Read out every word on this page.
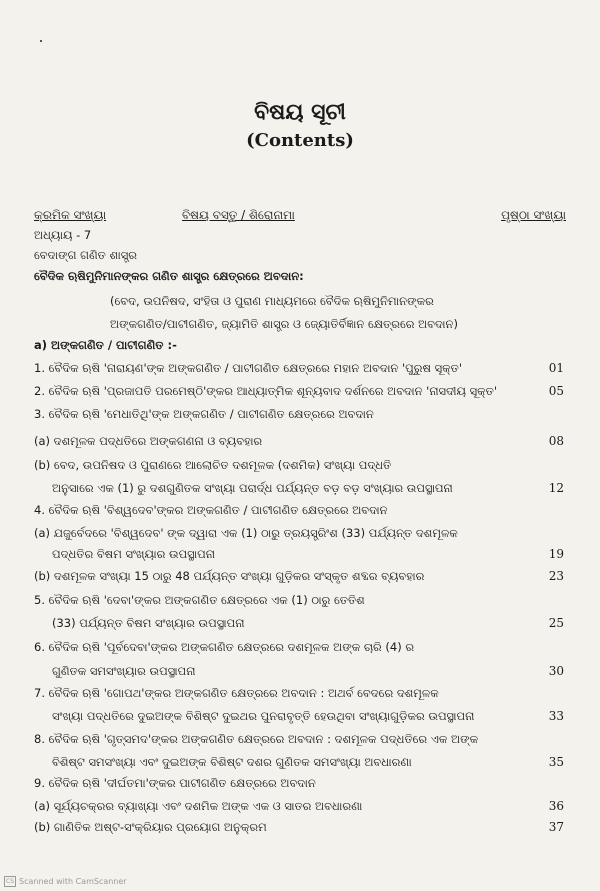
ବିଷୟ ସୂଚୀ
(Contents)
କ୍ରମିକ ସଂଖ୍ୟା	ବିଷୟ ବସ୍ତୁ / ଶିରୋନାମା	ପୃଷ୍ଠା ସଂଖ୍ୟା
ଅଧ୍ୟାୟ - 7
ବେଦାଙ୍ଗ ଗଣିତ ଶାସ୍ତ୍ର
ବୈଦିକ ଋଷିମୁନିମାନଙ୍କର ଗଣିତ ଶାସ୍ତ୍ର କ୍ଷେତ୍ରରେ ଅବଦାନ:
(ବେଦ, ଉପନିଷଦ, ସଂହିତା ଓ ପୁରାଣ ମାଧ୍ୟମରେ ବୈଦିକ ଋଷିମୁନିମାନଙ୍କର
ଅଙ୍କଗଣିତ/ପାଟୀଗଣିତ, ଜ୍ୟାମିତି ଶାସ୍ତ୍ର ଓ ଜ୍ୟୋତିର୍ବିଜ୍ଞାନ କ୍ଷେତ୍ରରେ ଅବଦାନ)
a) ଅଙ୍କଗଣିତ / ପାଟୀଗଣିତ :-
1. ବୈଦିକ ଋଷି 'ନାରାୟଣ'ଙ୍କ ଅଙ୍କଗଣିତ / ପାଟୀଗଣିତ କ୍ଷେତ୍ରରେ ମହାନ ଅବଦାନ 'ପୁରୁଷ ସୂକ୍ତ'	01
2. ବୈଦିକ ଋଷି 'ପ୍ରଜାପତି ପରମେଷ୍ଠି'ଙ୍କର ଆଧ୍ୟାତ୍ମିକ ଶୂନ୍ୟବାଦ ଦର୍ଶନରେ ଅବଦାନ 'ନାସଦୀୟ ସୂକ୍ତ'	05
3. ବୈଦିକ ଋଷି 'ମେଧାତିଥି'ଙ୍କ ଅଙ୍କଗଣିତ / ପାଟୀଗଣିତ କ୍ଷେତ୍ରରେ ଅବଦାନ
(a) ଦଶମୂଳକ ପଦ୍ଧତିରେ ଅଙ୍କଗଣନା ଓ ବ୍ୟବହାର	08
(b) ବେଦ, ଉପନିଷଦ ଓ ପୁରାଣରେ ଆଲୋଚିତ ଦଶମୂଳକ (ଦଶମିକ) ସଂଖ୍ୟା ପଦ୍ଧତି
ଅନୁସାରେ ଏକ (1) ରୁ ଦଶଗୁଣିତକ ସଂଖ୍ୟା ପରାର୍ଦ୍ଧ ପର୍ଯ୍ୟନ୍ତ ବଡ଼ ବଡ଼ ସଂଖ୍ୟାର ଉପସ୍ଥାପନା	12
4. ବୈଦିକ ଋଷି 'ବିଶ୍ୱଦେବ'ଙ୍କର ଅଙ୍କଗଣିତ / ପାଟୀଗଣିତ କ୍ଷେତ୍ରରେ ଅବଦାନ
(a) ଯଜୁର୍ବେଦରେ 'ବିଶ୍ୱଦେବ' ଙ୍କ ଦ୍ୱାରା ଏକ (1) ଠାରୁ ତ୍ରୟସ୍ତ୍ରିଂଶ (33) ପର୍ଯ୍ୟନ୍ତ ଦଶମୂଳକ
ପଦ୍ଧତିର ବିଷମ ସଂଖ୍ୟାର ଉପସ୍ଥାପନା	19
(b) ଦଶମୂଳକ ସଂଖ୍ୟା 15 ଠାରୁ 48 ପର୍ଯ୍ୟନ୍ତ ସଂଖ୍ୟା ଗୁଡ଼ିକର ସଂସ୍କୃତ ଶବ୍ଦର ବ୍ୟବହାର	23
5. ବୈଦିକ ଋଷି 'ଦେବା'ଙ୍କର ଅଙ୍କଗଣିତ କ୍ଷେତ୍ରରେ ଏକ (1) ଠାରୁ ତେତିଶ
(33) ପର୍ଯ୍ୟନ୍ତ ବିଷମ ସଂଖ୍ୟାର ଉପସ୍ଥାପନା	25
6. ବୈଦିକ ଋଷି 'ପୂର୍ବଦେବା'ଙ୍କର ଅଙ୍କଗଣିତ କ୍ଷେତ୍ରରେ ଦଶମୂଳକ ଅଙ୍କ ଚାରି (4) ର
ଗୁଣିତକ ସମସଂଖ୍ୟାର ଉପସ୍ଥାପନା	30
7. ବୈଦିକ ଋଷି 'ଗୋପଥ'ଙ୍କର ଅଙ୍କଗଣିତ କ୍ଷେତ୍ରରେ ଅବଦାନ : ଅଥର୍ବ ବେଦରେ ଦଶମୂଳକ
ସଂଖ୍ୟା ପଦ୍ଧତିରେ ଦୁଇଅଙ୍କ ବିଶିଷ୍ଟ ଦୁଇଥର ପୁନରାବୃତ୍ତି ହେଉଥିବା ସଂଖ୍ୟାଗୁଡ଼ିକର ଉପସ୍ଥାପନା	33
8. ବୈଦିକ ଋଷି 'ଗୃତ୍ସମଦ'ଙ୍କର ଅଙ୍କଗଣିତ କ୍ଷେତ୍ରରେ ଅବଦାନ : ଦଶମୂଳକ ପଦ୍ଧତିରେ ଏକ ଅଙ୍କ
ବିଶିଷ୍ଟ ସମସଂଖ୍ୟା ଏବଂ ଦୁଇଅଙ୍କ ବିଶିଷ୍ଟ ଦଶର ଗୁଣିତକ ସମସଂଖ୍ୟା ଅବଧାରଣା	35
9. ବୈଦିକ ଋଷି 'ଦୀର୍ଘତମା'ଙ୍କର ପାଟୀଗଣିତ କ୍ଷେତ୍ରରେ ଅବଦାନ
(a) ସୂର୍ଯ୍ୟଚକ୍ରର ବ୍ୟାଖ୍ୟା ଏବଂ ଦଶମିକ ଅଙ୍କ ଏକ ଓ ସାତର ଅବଧାରଣା	36
(b) ଗାଣିତିକ ଅଷ୍ଟ-ସଂକ୍ରିୟାର ପ୍ରୟୋଗ ଅନୁକ୍ରମ	37
CS Scanned with CamScanner
